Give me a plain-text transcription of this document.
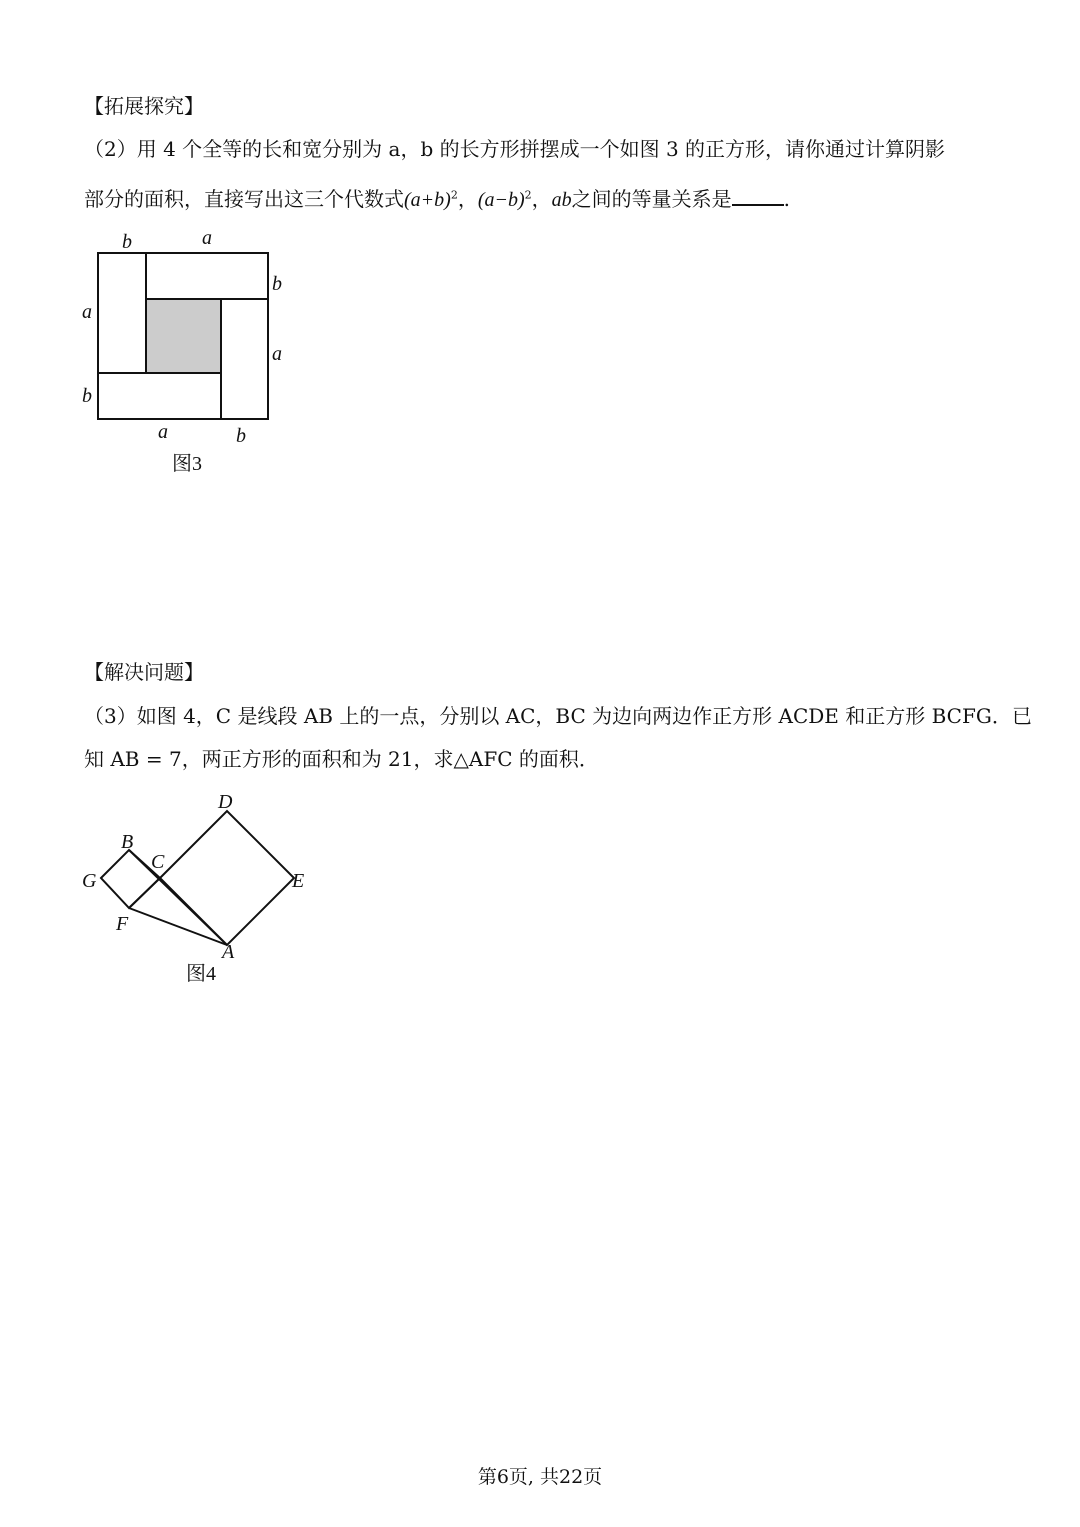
【拓展探究】
（2）用 4 个全等的长和宽分别为 a，b 的长方形拼摆成一个如图 3 的正方形，请你通过计算阴影
部分的面积，直接写出这三个代数式$(a+b)^2$，$(a-b)^2$，ab之间的等量关系是	.
b	a
b
a
a
b
a	b
图3
【解决问题】
（3）如图 4，C 是线段 AB 上的一点，分别以 AC，BC 为边向两边作正方形 ACDE 和正方形 BCFG．已
知 AB = 7，两正方形的面积和为 21，求△AFC 的面积．
D
B
C
G	E
F
A
图4
第6页, 共22页
